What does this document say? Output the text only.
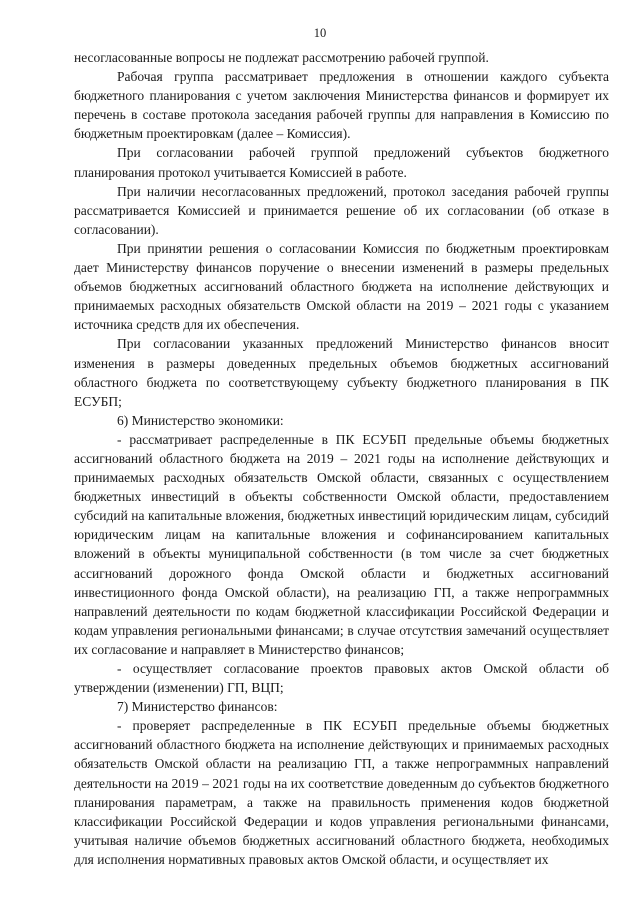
10

несогласованные вопросы не подлежат рассмотрению рабочей группой.

Рабочая группа рассматривает предложения в отношении каждого субъекта бюджетного планирования с учетом заключения Министерства финансов и формирует их перечень в составе протокола заседания рабочей группы для направления в Комиссию по бюджетным проектировкам (далее – Комиссия).

При согласовании рабочей группой предложений субъектов бюджетного планирования протокол учитывается Комиссией в работе.

При наличии несогласованных предложений, протокол заседания рабочей группы рассматривается Комиссией и принимается решение об их согласовании (об отказе в согласовании).

При принятии решения о согласовании Комиссия по бюджетным проектировкам дает Министерству финансов поручение о внесении изменений в размеры предельных объемов бюджетных ассигнований областного бюджета на исполнение действующих и принимаемых расходных обязательств Омской области на 2019 – 2021 годы с указанием источника средств для их обеспечения.

При согласовании указанных предложений Министерство финансов вносит изменения в размеры доведенных предельных объемов бюджетных ассигнований областного бюджета по соответствующему субъекту бюджетного планирования в ПК ЕСУБП;

6) Министерство экономики:

- рассматривает распределенные в ПК ЕСУБП предельные объемы бюджетных ассигнований областного бюджета на 2019 – 2021 годы на исполнение действующих и принимаемых расходных обязательств Омской области, связанных с осуществлением бюджетных инвестиций в объекты собственности Омской области, предоставлением субсидий на капитальные вложения, бюджетных инвестиций юридическим лицам, субсидий юридическим лицам на капитальные вложения и софинансированием капитальных вложений в объекты муниципальной собственности (в том числе за счет бюджетных ассигнований дорожного фонда Омской области и бюджетных ассигнований инвестиционного фонда Омской области), на реализацию ГП, а также непрограммных направлений деятельности по кодам бюджетной классификации Российской Федерации и кодам управления региональными финансами; в случае отсутствия замечаний осуществляет их согласование и направляет в Министерство финансов;

- осуществляет согласование проектов правовых актов Омской области об утверждении (изменении) ГП, ВЦП;

7) Министерство финансов:

- проверяет распределенные в ПК ЕСУБП предельные объемы бюджетных ассигнований областного бюджета на исполнение действующих и принимаемых расходных обязательств Омской области на реализацию ГП, а также непрограммных направлений деятельности на 2019 – 2021 годы на их соответствие доведенным до субъектов бюджетного планирования параметрам, а также на правильность применения кодов бюджетной классификации Российской Федерации и кодов управления региональными финансами, учитывая наличие объемов бюджетных ассигнований областного бюджета, необходимых для исполнения нормативных правовых актов Омской области, и осуществляет их
